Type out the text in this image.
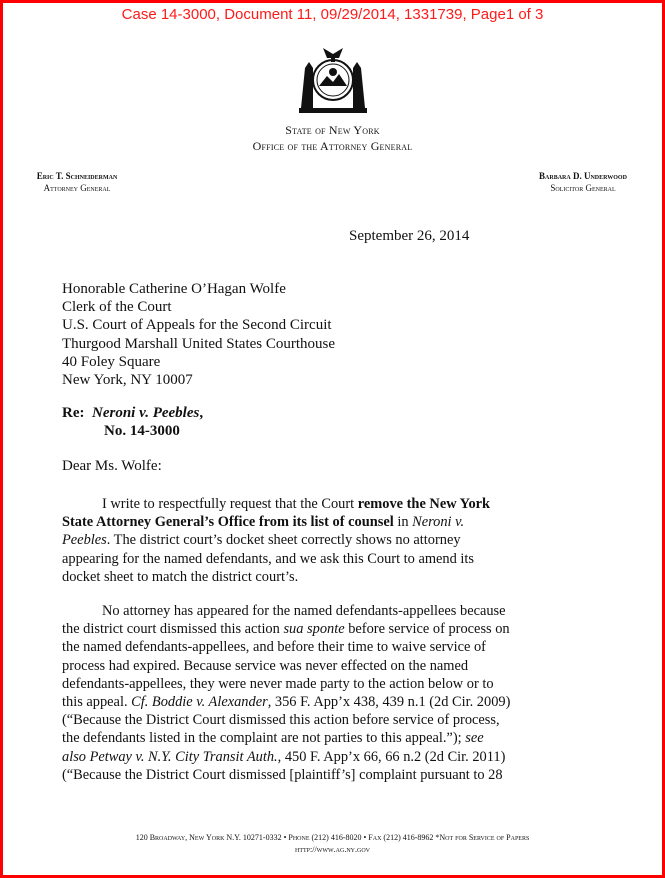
Case 14-3000, Document 11, 09/29/2014, 1331739, Page1 of 3
State of New York
Office of the Attorney General
Eric T. Schneiderman
Attorney General
Barbara D. Underwood
Solicitor General
September 26, 2014
Honorable Catherine O’Hagan Wolfe
Clerk of the Court
U.S. Court of Appeals for the Second Circuit
Thurgood Marshall United States Courthouse
40 Foley Square
New York, NY 10007
Re: Neroni v. Peebles,
No. 14-3000
Dear Ms. Wolfe:
I write to respectfully request that the Court remove the New York
State Attorney General’s Office from its list of counsel in Neroni v.
Peebles. The district court’s docket sheet correctly shows no attorney
appearing for the named defendants, and we ask this Court to amend its
docket sheet to match the district court’s.
No attorney has appeared for the named defendants-appellees because
the district court dismissed this action sua sponte before service of process on
the named defendants-appellees, and before their time to waive service of
process had expired. Because service was never effected on the named
defendants-appellees, they were never made party to the action below or to
this appeal. Cf. Boddie v. Alexander, 356 F. App’x 438, 439 n.1 (2d Cir. 2009)
(“Because the District Court dismissed this action before service of process,
the defendants listed in the complaint are not parties to this appeal.”); see
also Petway v. N.Y. City Transit Auth., 450 F. App’x 66, 66 n.2 (2d Cir. 2011)
(“Because the District Court dismissed [plaintiff’s] complaint pursuant to 28
120 Broadway, New York N.Y. 10271-0332 • Phone (212) 416-8020 • Fax (212) 416-8962 *Not for Service of Papers
http://www.ag.ny.gov
